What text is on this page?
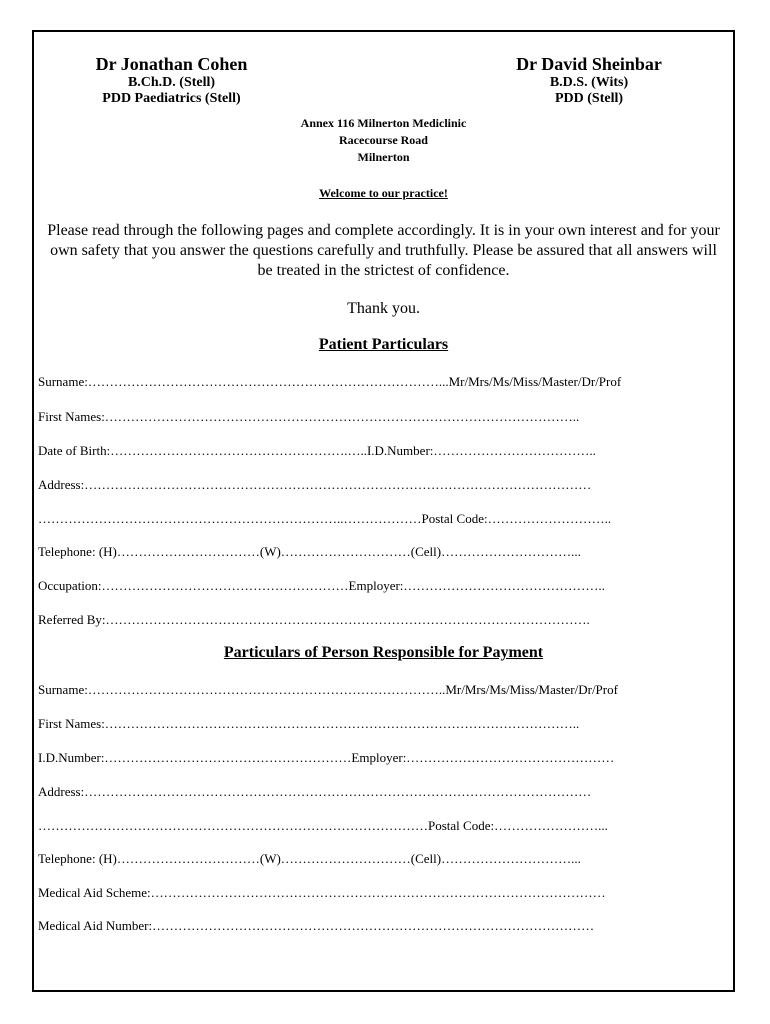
Dr Jonathan Cohen
B.Ch.D. (Stell)
PDD Paediatrics (Stell)
Dr David Sheinbar
B.D.S. (Wits)
PDD (Stell)
Annex 116 Milnerton Mediclinic
Racecourse Road
Milnerton
Welcome to our practice!
Please read through the following pages and complete accordingly. It is in your own interest and for your own safety that you answer the questions carefully and truthfully. Please be assured that all answers will be treated in the strictest of confidence.
Thank you.
Patient Particulars
Surname:………………………………………………………………………...Mr/Mrs/Ms/Miss/Master/Dr/Prof
First Names:………………………………………………………………………………………………..
Date of Birth:……………………………………………….…..I.D.Number:………………………………..
Address:………………………………………………………………………………………………………
……………………………………………………………..………………Postal Code:………………………..
Telephone: (H)……………………………(W)…………………………(Cell)…………………………...
Occupation:…………………………………………………Employer:………………………………………..
Referred By:………………………………………………………………………………………………….
Particulars of Person Responsible for Payment
Surname:………………………………………………………………………..Mr/Mrs/Ms/Miss/Master/Dr/Prof
First Names:………………………………………………………………………………………………..
I.D.Number:…………………………………………………Employer:…………………………………………
Address:………………………………………………………………………………………………………
………………………………………………………………………………Postal Code:……………………...
Telephone: (H)……………………………(W)…………………………(Cell)…………………………...
Medical Aid Scheme:……………………………………………………………………………………………
Medical Aid Number:…………………………………………………………………………………………
